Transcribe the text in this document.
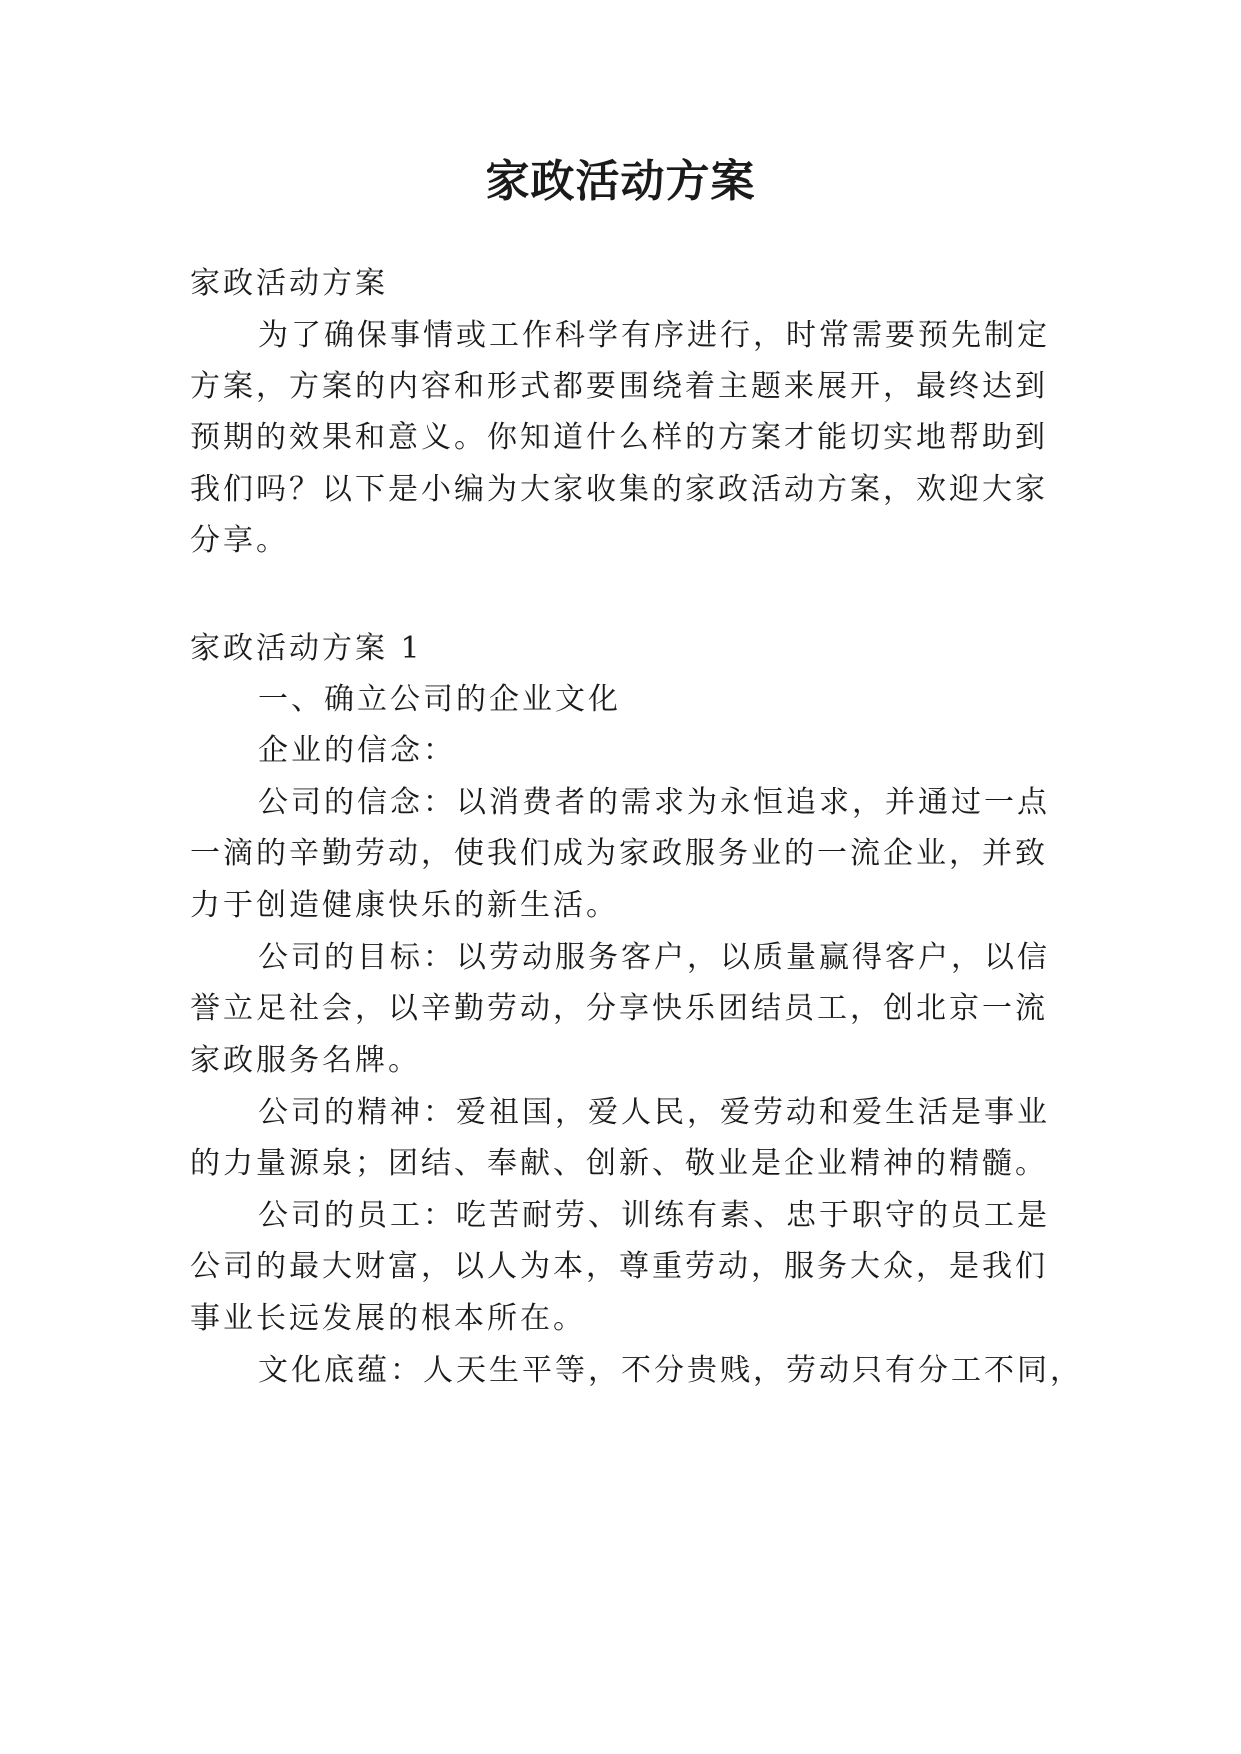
家政活动方案

家政活动方案

为了确保事情或工作科学有序进行，时常需要预先制定

方案，方案的内容和形式都要围绕着主题来展开，最终达到

预期的效果和意义。你知道什么样的方案才能切实地帮助到

我们吗？以下是小编为大家收集的家政活动方案，欢迎大家

分享。

家政活动方案 1

一、确立公司的企业文化

企业的信念：

公司的信念：以消费者的需求为永恒追求，并通过一点

一滴的辛勤劳动，使我们成为家政服务业的一流企业，并致

力于创造健康快乐的新生活。

公司的目标：以劳动服务客户，以质量赢得客户，以信

誉立足社会，以辛勤劳动，分享快乐团结员工，创北京一流

家政服务名牌。

公司的精神：爱祖国，爱人民，爱劳动和爱生活是事业

的力量源泉；团结、奉献、创新、敬业是企业精神的精髓。

公司的员工：吃苦耐劳、训练有素、忠于职守的员工是

公司的最大财富，以人为本，尊重劳动，服务大众，是我们

事业长远发展的根本所在。

文化底蕴：人天生平等，不分贵贱，劳动只有分工不同，
